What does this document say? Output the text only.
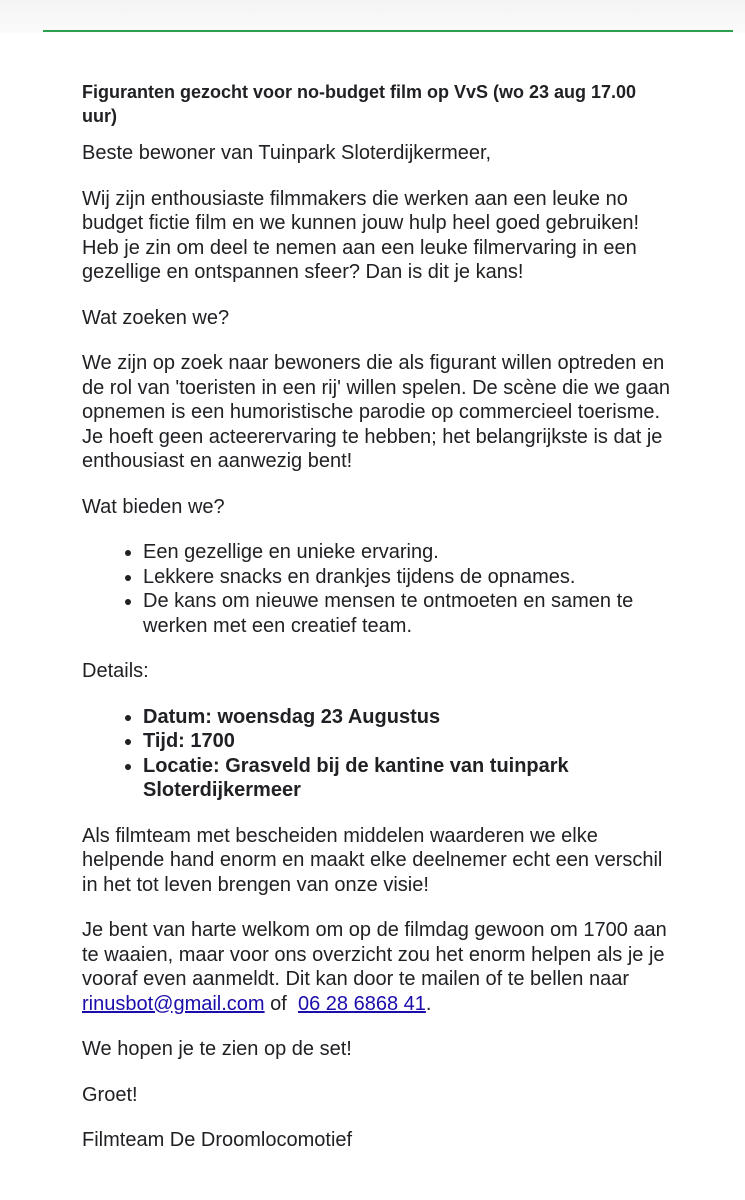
Figuranten gezocht voor no-budget film op VvS (wo 23 aug 17.00 uur)

Beste bewoner van Tuinpark Sloterdijkermeer,

Wij zijn enthousiaste filmmakers die werken aan een leuke no budget fictie film en we kunnen jouw hulp heel goed gebruiken! Heb je zin om deel te nemen aan een leuke filmervaring in een gezellige en ontspannen sfeer? Dan is dit je kans!

Wat zoeken we?

We zijn op zoek naar bewoners die als figurant willen optreden en de rol van 'toeristen in een rij' willen spelen. De scène die we gaan opnemen is een humoristische parodie op commercieel toerisme. Je hoeft geen acteerervaring te hebben; het belangrijkste is dat je enthousiast en aanwezig bent!

Wat bieden we?

• Een gezellige en unieke ervaring.
• Lekkere snacks en drankjes tijdens de opnames.
• De kans om nieuwe mensen te ontmoeten en samen te werken met een creatief team.

Details:

• Datum: woensdag 23 Augustus
• Tijd: 1700
• Locatie: Grasveld bij de kantine van tuinpark Sloterdijkermeer

Als filmteam met bescheiden middelen waarderen we elke helpende hand enorm en maakt elke deelnemer echt een verschil in het tot leven brengen van onze visie!

Je bent van harte welkom om op de filmdag gewoon om 1700 aan te waaien, maar voor ons overzicht zou het enorm helpen als je je vooraf even aanmeldt. Dit kan door te mailen of te bellen naar rinusbot@gmail.com of 06 28 6868 41.

We hopen je te zien op de set!

Groet!

Filmteam De Droomlocomotief
